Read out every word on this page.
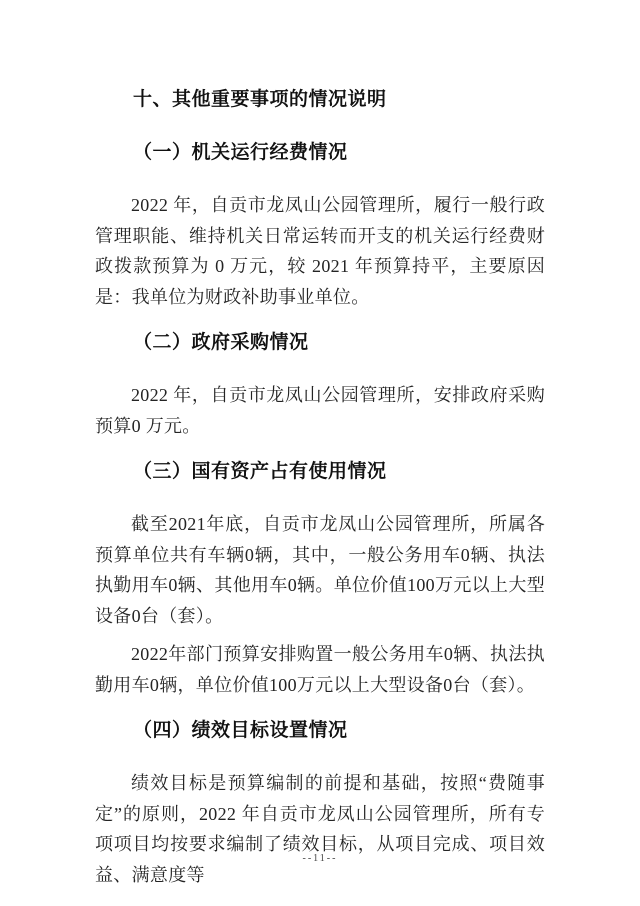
十、其他重要事项的情况说明
（一）机关运行经费情况

2022 年，自贡市龙凤山公园管理所，履行一般行政管理职能、维持机关日常运转而开支的机关运行经费财政拨款预算为 0 万元，较 2021 年预算持平，主要原因是：我单位为财政补助事业单位。

（二）政府采购情况

2022 年，自贡市龙凤山公园管理所，安排政府采购预算0 万元。

（三）国有资产占有使用情况

截至2021年底，自贡市龙凤山公园管理所，所属各预算单位共有车辆0辆，其中，一般公务用车0辆、执法执勤用车0辆、其他用车0辆。单位价值100万元以上大型设备0台（套）。

2022年部门预算安排购置一般公务用车0辆、执法执勤用车0辆，单位价值100万元以上大型设备0台（套）。

（四）绩效目标设置情况

绩效目标是预算编制的前提和基础，按照“费随事定”的原则，2022 年自贡市龙凤山公园管理所，所有专项项目均按要求编制了绩效目标，从项目完成、项目效益、满意度等

--11--
